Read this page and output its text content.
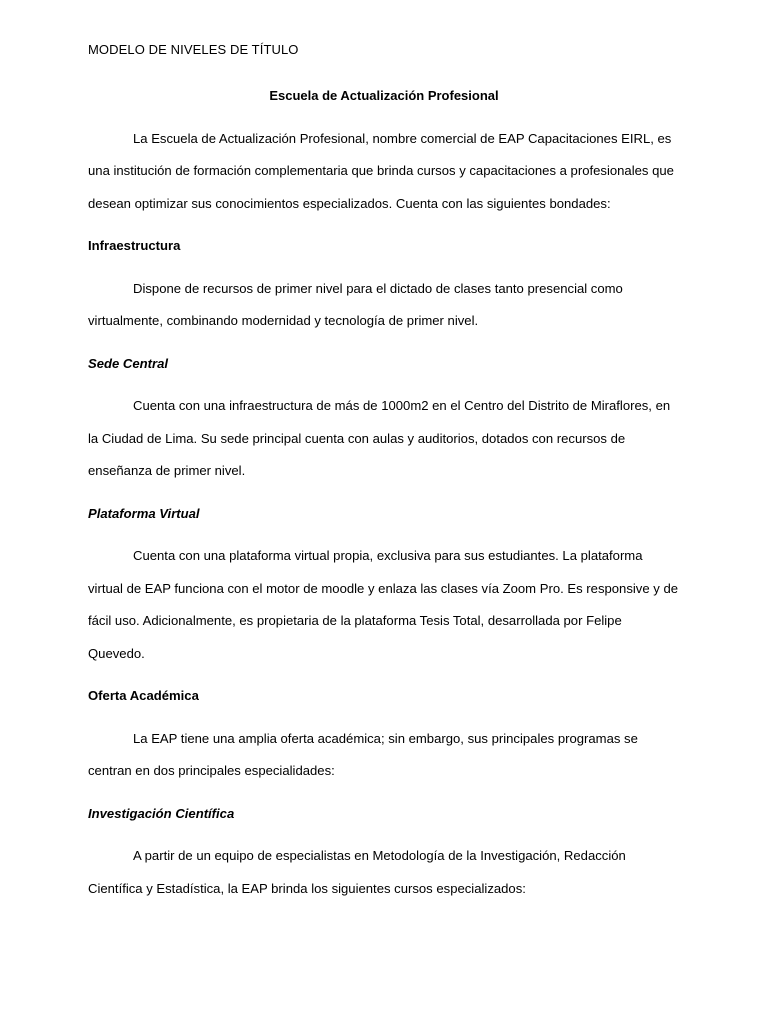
MODELO DE NIVELES DE TÍTULO

Escuela de Actualización Profesional

La Escuela de Actualización Profesional, nombre comercial de EAP Capacitaciones EIRL, es una institución de formación complementaria que brinda cursos y capacitaciones a profesionales que desean optimizar sus conocimientos especializados. Cuenta con las siguientes bondades:

Infraestructura

Dispone de recursos de primer nivel para el dictado de clases tanto presencial como virtualmente, combinando modernidad y tecnología de primer nivel.

Sede Central

Cuenta con una infraestructura de más de 1000m2 en el Centro del Distrito de Miraflores, en la Ciudad de Lima. Su sede principal cuenta con aulas y auditorios, dotados con recursos de enseñanza de primer nivel.

Plataforma Virtual

Cuenta con una plataforma virtual propia, exclusiva para sus estudiantes. La plataforma virtual de EAP funciona con el motor de moodle y enlaza las clases vía Zoom Pro. Es responsive y de fácil uso. Adicionalmente, es propietaria de la plataforma Tesis Total, desarrollada por Felipe Quevedo.

Oferta Académica

La EAP tiene una amplia oferta académica; sin embargo, sus principales programas se centran en dos principales especialidades:

Investigación Científica

A partir de un equipo de especialistas en Metodología de la Investigación, Redacción Científica y Estadística, la EAP brinda los siguientes cursos especializados:
